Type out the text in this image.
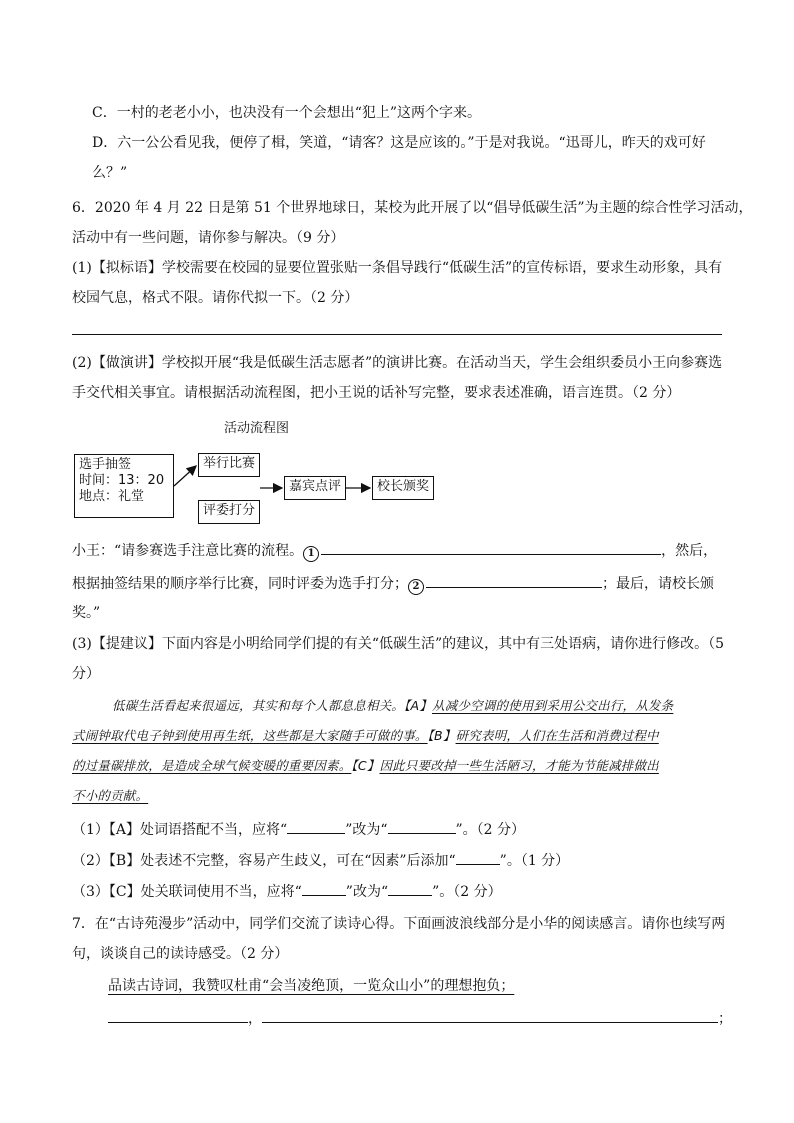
C．一村的老老小小，也决没有一个会想出“犯上”这两个字来。
D．六一公公看见我，便停了楫，笑道，“请客？这是应该的。”于是对我说。“迅哥儿，昨天的戏可好
么？”
6．2020 年 4 月 22 日是第 51 个世界地球日，某校为此开展了以“倡导低碳生活”为主题的综合性学习活动，
活动中有一些问题，请你参与解决。（9 分）
(1)【拟标语】学校需要在校园的显要位置张贴一条倡导践行“低碳生活”的宣传标语，要求生动形象，具有
校园气息，格式不限。请你代拟一下。（2 分）
(2)【做演讲】学校拟开展“我是低碳生活志愿者”的演讲比赛。在活动当天，学生会组织委员小王向参赛选
手交代相关事宜。请根据活动流程图，把小王说的话补写完整，要求表述准确，语言连贯。（2 分）
活动流程图
选手抽签
时间：13：20
地点：礼堂
举行比赛
评委打分
嘉宾点评	校长颁奖
小王：“请参赛选手注意比赛的流程。 1	，然后，
根据抽签结果的顺序举行比赛，同时评委为选手打分； 2	；最后，请校长颁
奖。”
(3)【提建议】下面内容是小明给同学们提的有关“低碳生活”的建议，其中有三处语病，请你进行修改。（5
分）
低碳生活看起来很遥远，其实和每个人都息息相关。【A】从减少空调的使用到采用公交出行，从发条
式闹钟取代电子钟到使用再生纸，这些都是大家随手可做的事。【B】研究表明，人们在生活和消费过程中
的过量碳排放，是造成全球气候变暖的重要因素。【C】因此只要改掉一些生活陋习，才能为节能减排做出
不小的贡献。
（1）【A】处词语搭配不当，应将“	”改为“	”。（2 分）
（2）【B】处表述不完整，容易产生歧义，可在“因素”后添加“	”。（1 分）
（3）【C】处关联词使用不当，应将“	”改为“	”。（2 分）
7．在“古诗苑漫步”活动中，同学们交流了读诗心得。下面画波浪线部分是小华的阅读感言。请你也续写两
句，谈谈自己的读诗感受。（2 分）
品读古诗词，我赞叹杜甫“会当凌绝顶，一览众山小”的理想抱负；
，	；
